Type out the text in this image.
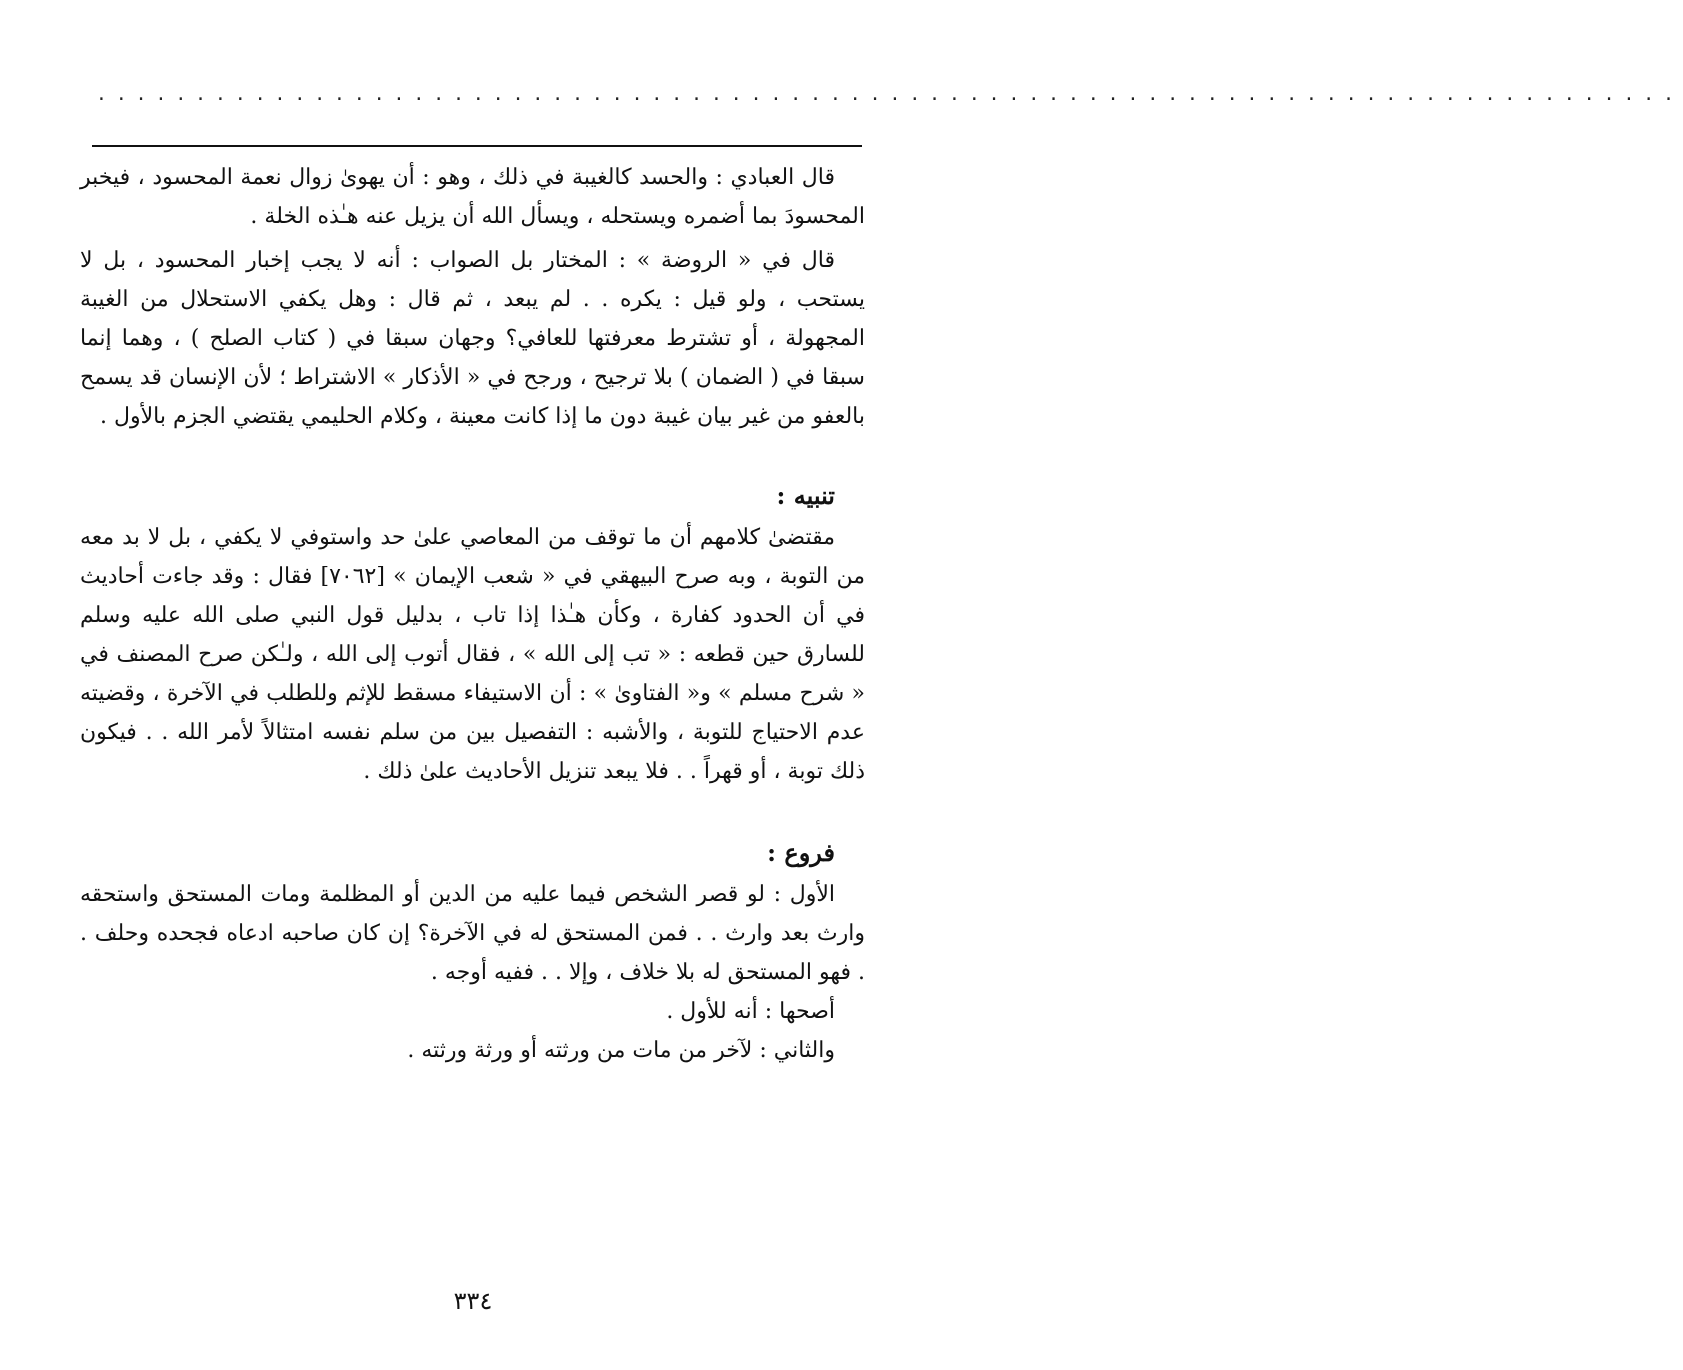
................................................................................

قال العبادي : والحسد كالغيبة في ذلك ، وهو : أن يهوىٰ زوال نعمة المحسود ، فيخبر المحسودَ بما أضمره ويستحله ، ويسأل الله أن يزيل عنه هـٰذه الخلة .

قال في « الروضة » : المختار بل الصواب : أنه لا يجب إخبار المحسود ، بل لا يستحب ، ولو قيل : يكره . . لم يبعد ، ثم قال : وهل يكفي الاستحلال من الغيبة المجهولة ، أو تشترط معرفتها للعافي؟ وجهان سبقا في ( كتاب الصلح ) ، وهما إنما سبقا في ( الضمان ) بلا ترجيح ، ورجح في « الأذكار » الاشتراط ؛ لأن الإنسان قد يسمح بالعفو من غير بيان غيبة دون ما إذا كانت معينة ، وكلام الحليمي يقتضي الجزم بالأول .

تنبيه :

مقتضىٰ كلامهم أن ما توقف من المعاصي علىٰ حد واستوفي لا يكفي ، بل لا بد معه من التوبة ، وبه صرح البيهقي في « شعب الإيمان » [٧٠٦٢] فقال : وقد جاءت أحاديث في أن الحدود كفارة ، وكأن هـٰذا إذا تاب ، بدليل قول النبي صلى الله عليه وسلم للسارق حين قطعه : « تب إلى الله » ، فقال أتوب إلى الله ، ولـٰكن صرح المصنف في « شرح مسلم » و« الفتاوىٰ » : أن الاستيفاء مسقط للإثم وللطلب في الآخرة ، وقضيته عدم الاحتياج للتوبة ، والأشبه : التفصيل بين من سلم نفسه امتثالاً لأمر الله . . فيكون ذلك توبة ، أو قهراً . . فلا يبعد تنزيل الأحاديث علىٰ ذلك .

فروع :

الأول : لو قصر الشخص فيما عليه من الدين أو المظلمة ومات المستحق واستحقه وارث بعد وارث . . فمن المستحق له في الآخرة؟ إن كان صاحبه ادعاه فجحده وحلف . . فهو المستحق له بلا خلاف ، وإلا . . ففيه أوجه .

أصحها : أنه للأول .

والثاني : لآخر من مات من ورثته أو ورثة ورثته .

٣٣٤
